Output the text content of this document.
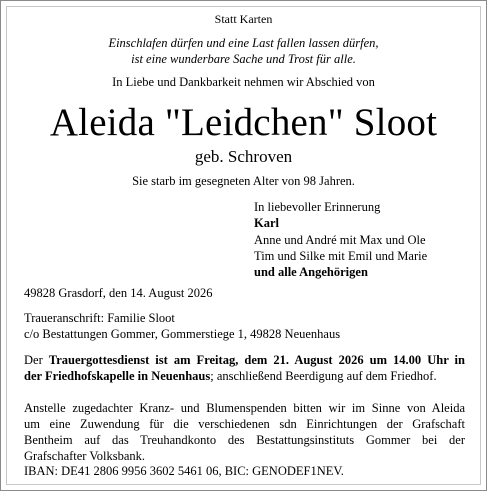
Statt Karten
Einschlafen dürfen und eine Last fallen lassen dürfen,
ist eine wunderbare Sache und Trost für alle.
In Liebe und Dankbarkeit nehmen wir Abschied von
Aleida "Leidchen" Sloot
geb. Schroven
Sie starb im gesegneten Alter von 98 Jahren.
In liebevoller Erinnerung
Karl
Anne und André mit Max und Ole
Tim und Silke mit Emil und Marie
und alle Angehörigen
49828 Grasdorf, den 14. August 2026
Traueranschrift: Familie Sloot
c/o Bestattungen Gommer, Gommerstiege 1, 49828 Neuenhaus
Der Trauergottesdienst ist am Freitag, dem 21. August 2026 um 14.00 Uhr in
der Friedhofskapelle in Neuenhaus; anschließend Beerdigung auf dem Friedhof.
Anstelle zugedachter Kranz- und Blumenspenden bitten wir im Sinne von Aleida
um eine Zuwendung für die verschiedenen sdn Einrichtungen der Grafschaft
Bentheim auf das Treuhandkonto des Bestattungsinstituts Gommer bei der
Grafschafter Volksbank.
IBAN: DE41 2806 9956 3602 5461 06, BIC: GENODEF1NEV.
